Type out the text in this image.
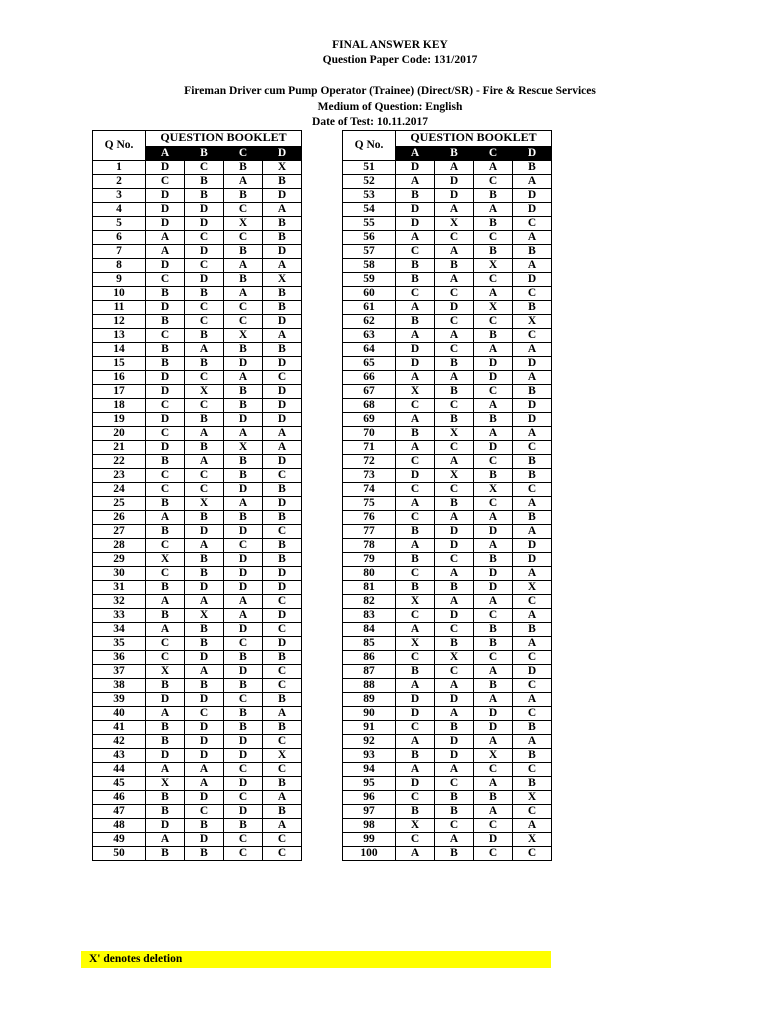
FINAL ANSWER KEY
Question Paper Code: 131/2017
Fireman Driver cum Pump Operator (Trainee) (Direct/SR) - Fire & Rescue Services
Medium of Question: English
Date of Test: 10.11.2017
Q No.	QUESTION BOOKLET			
	A	B	C	D
1	D	C	B	X
2	C	B	A	B
3	D	B	B	D
4	D	D	C	A
5	D	D	X	B
6	A	C	C	B
7	A	D	B	D
8	D	C	A	A
9	C	D	B	X
10	B	B	A	B
11	D	C	C	B
12	B	C	C	D
13	C	B	X	A
14	B	A	B	B
15	B	B	D	D
16	D	C	A	C
17	D	X	B	D
18	C	C	B	D
19	D	B	D	D
20	C	A	A	A
21	D	B	X	A
22	B	A	B	D
23	C	C	B	C
24	C	C	D	B
25	B	X	A	D
26	A	B	B	B
27	B	D	D	C
28	C	A	C	B
29	X	B	D	B
30	C	B	D	D
31	B	D	D	D
32	A	A	A	C
33	B	X	A	D
34	A	B	D	C
35	C	B	C	D
36	C	D	B	B
37	X	A	D	C
38	B	B	B	C
39	D	D	C	B
40	A	C	B	A
41	B	D	B	B
42	B	D	D	C
43	D	D	D	X
44	A	A	C	C
45	X	A	D	B
46	B	D	C	A
47	B	C	D	B
48	D	B	B	A
49	A	D	C	C
50	B	B	C	C
Q No.	QUESTION BOOKLET			
	A	B	C	D
51	D	A	A	B
52	A	D	C	A
53	B	D	B	D
54	D	A	A	D
55	D	X	B	C
56	A	C	C	A
57	C	A	B	B
58	B	B	X	A
59	B	A	C	D
60	C	C	A	C
61	A	D	X	B
62	B	C	C	X
63	A	A	B	C
64	D	C	A	A
65	D	B	D	D
66	A	A	D	A
67	X	B	C	B
68	C	C	A	D
69	A	B	B	D
70	B	X	A	A
71	A	C	D	C
72	C	A	C	B
73	D	X	B	B
74	C	C	X	C
75	A	B	C	A
76	C	A	A	B
77	B	D	D	A
78	A	D	A	D
79	B	C	B	D
80	C	A	D	A
81	B	B	D	X
82	X	A	A	C
83	C	D	C	A
84	A	C	B	B
85	X	B	B	A
86	C	X	C	C
87	B	C	A	D
88	A	A	B	C
89	D	D	A	A
90	D	A	D	C
91	C	B	D	B
92	A	D	A	A
93	B	D	X	B
94	A	A	C	C
95	D	C	A	B
96	C	B	B	X
97	B	B	A	C
98	X	C	C	A
99	C	A	D	X
100	A	B	C	C
X' denotes deletion
